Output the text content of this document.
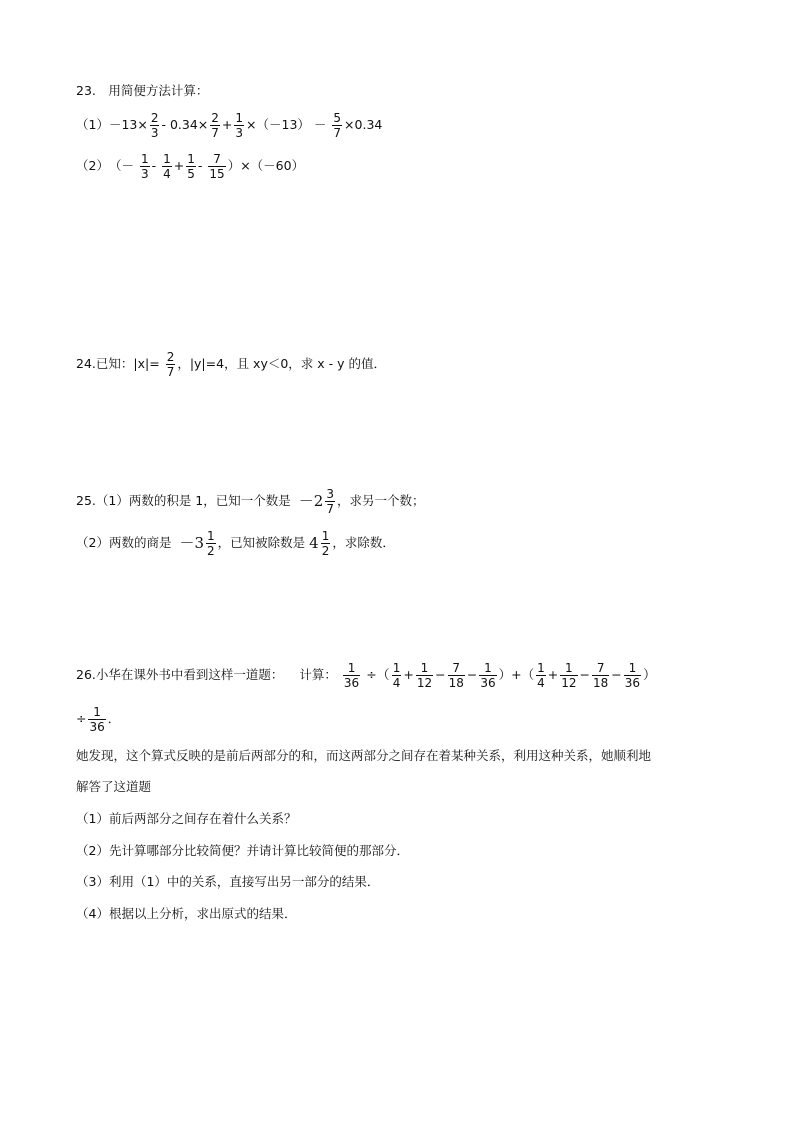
23.　用简便方法计算：
$(1) -13\times \frac{2}{3} - 0.34\times \frac{2}{7} + \frac{1}{3} \times(-13) - \frac{5}{7} \times 0.34$
（2） （－ $\frac{1}{3} - \frac{1}{4} + \frac{1}{5} - \frac{7}{15} )\times(-60)$
24.已知：$|x|= \frac{2}{7}$ ，|y|=4，且 xy＜0，求 x - y 的值．
25.（1）两数的积是 1，已知一个数是 $-2 \frac{3}{7}$ ，求另一个数；
（2）两数的商是 $-3 \frac{1}{2}$ ，已知被除数是 $4 \frac{1}{2}$ ，求除数．
26.小华在课外书中看到这样一道题： 计算： $\frac{1}{36}$ ÷ （ $\frac{1}{4} + \frac{1}{12} - \frac{7}{18} - \frac{1}{36}$ ）+（ $\frac{1}{4} + \frac{1}{12} - \frac{7}{18} - \frac{1}{36}$ ）
÷ $\frac{1}{36}$ ．
她发现，这个算式反映的是前后两部分的和，而这两部分之间存在着某种关系，利用这种关系，她顺利地
解答了这道题
（1）前后两部分之间存在着什么关系？
（2）先计算哪部分比较简便？并请计算比较简便的那部分．
（3）利用（1）中的关系，直接写出另一部分的结果．
（4）根据以上分析，求出原式的结果．
